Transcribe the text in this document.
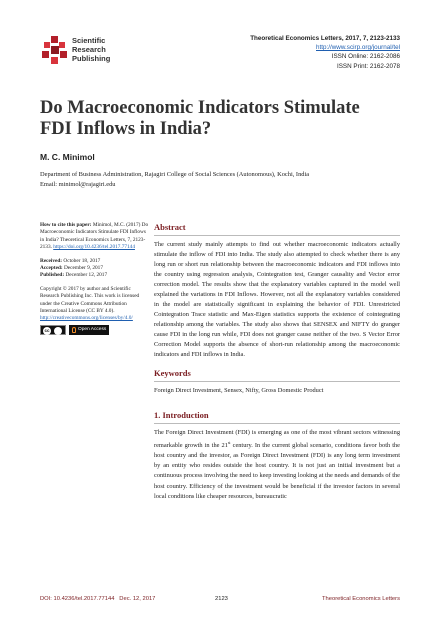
Scientific
Research
Publishing
Theoretical Economics Letters, 2017, 7, 2123-2133
http://www.scirp.org/journal/tel
ISSN Online: 2162-2086
ISSN Print: 2162-2078
Do Macroeconomic Indicators Stimulate
FDI Inflows in India?
M. C. Minimol
Department of Business Administration, Rajagiri College of Social Sciences (Autonomous), Kochi, India
Email: minimol@rajagiri.edu
How to cite this paper: Minimol, M.C. (2017) Do Macroeconomic Indicators Stimulate FDI Inflows in India? Theoretical Economics Letters, 7, 2123-2133. https://doi.org/10.4236/tel.2017.77144
Received: October 18, 2017
Accepted: December 9, 2017
Published: December 12, 2017
Copyright © 2017 by author and Scientific Research Publishing Inc. This work is licensed under the Creative Commons Attribution International License (CC BY 4.0). http://creativecommons.org/licenses/by/4.0/
cc	Open Access
Abstract
The current study mainly attempts to find out whether macroeconomic indicators actually stimulate the inflow of FDI into India. The study also attempted to check whether there is any long run or short run relationship between the macroeconomic indicators and FDI inflows into the country using regression analysis, Cointegration test, Granger causality and Vector error correction model. The results show that the explanatory variables captured in the model well explained the variations in FDI Inflows. However, not all the explanatory variables considered in the model are statistically significant in explaining the behavior of FDI. Unrestricted Cointegration Trace statistic and Max-Eigen statistics supports the existence of cointegrating relationship among the variables. The study also shows that SENSEX and NIFTY do granger cause FDI in the long run while, FDI does not granger cause neither of the two. S Vector Error Correction Model supports the absence of short-run relationship among the macroeconomic indicators and FDI inflows in India.
Keywords
Foreign Direct Investment, Sensex, Nifty, Gross Domestic Product
1. Introduction
The Foreign Direct Investment (FDI) is emerging as one of the most vibrant sectors witnessing remarkable growth in the 21st century. In the current global scenario, conditions favor both the host country and the investor, as Foreign Direct Investment (FDI) is any long term investment by an entity who resides outside the host country. It is not just an initial investment but a continuous process involving the need to keep investing looking at the needs and demands of the host country. Efficiency of the investment would be beneficial if the investor factors in several local conditions like cheaper resources, bureaucratic
DOI: 10.4236/tel.2017.77144 Dec. 12, 2017	2123	Theoretical Economics Letters
